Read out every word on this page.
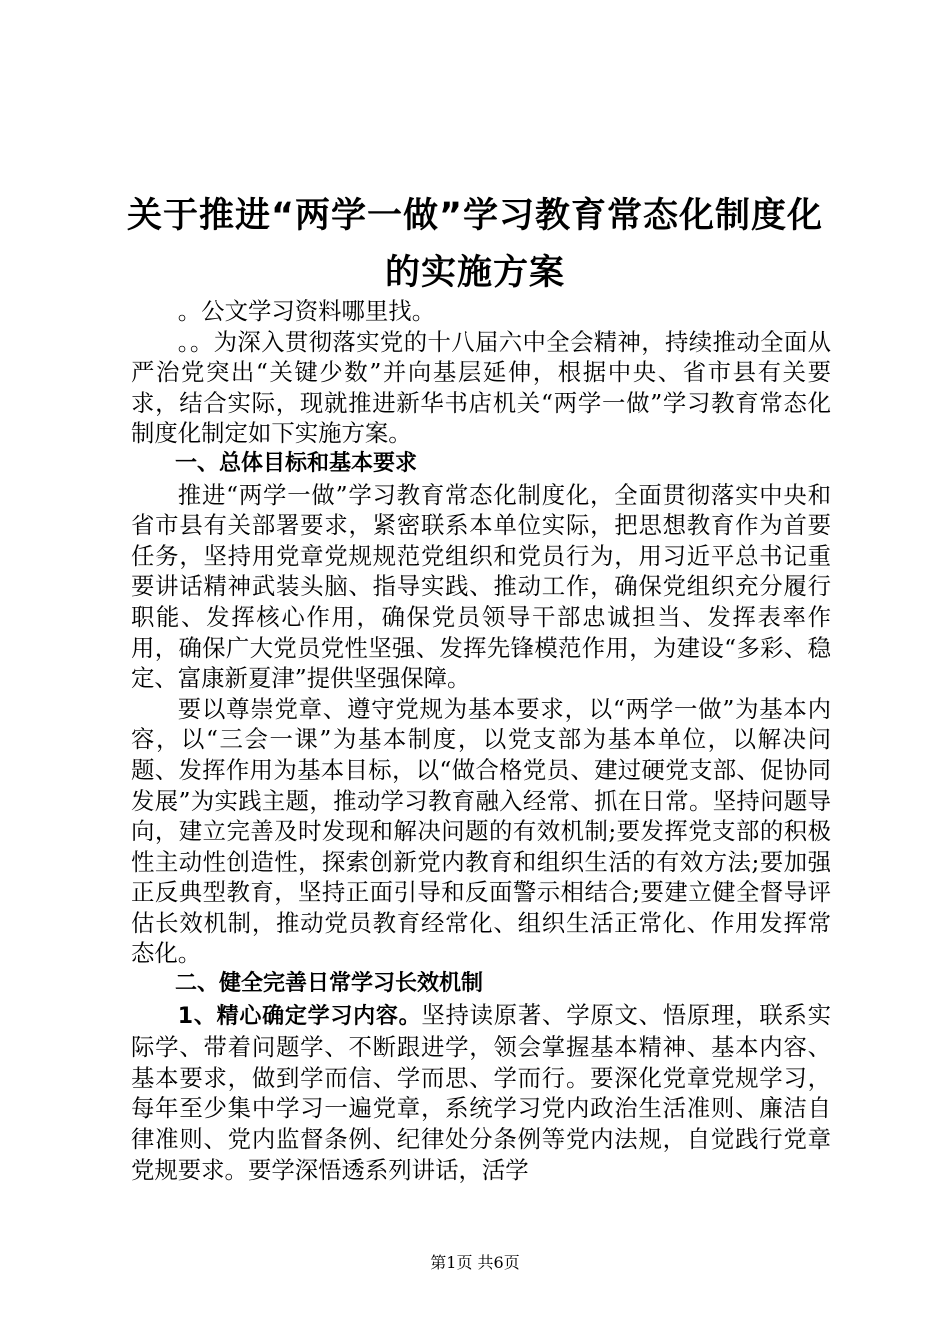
关于推进“两学一做”学习教育常态化制度化
的实施方案

。公文学习资料哪里找。

。。为深入贯彻落实党的十八届六中全会精神，持续推动全面从严治党突出“关键少数”并向基层延伸，根据中央、省市县有关要求，结合实际，现就推进新华书店机关“两学一做”学习教育常态化制度化制定如下实施方案。

一、总体目标和基本要求

推进“两学一做”学习教育常态化制度化，全面贯彻落实中央和省市县有关部署要求，紧密联系本单位实际，把思想教育作为首要任务，坚持用党章党规规范党组织和党员行为，用习近平总书记重要讲话精神武装头脑、指导实践、推动工作，确保党组织充分履行职能、发挥核心作用，确保党员领导干部忠诚担当、发挥表率作用，确保广大党员党性坚强、发挥先锋模范作用，为建设“多彩、稳定、富康新夏津”提供坚强保障。

要以尊崇党章、遵守党规为基本要求，以“两学一做”为基本内容，以“三会一课”为基本制度，以党支部为基本单位，以解决问题、发挥作用为基本目标，以“做合格党员、建过硬党支部、促协同发展”为实践主题，推动学习教育融入经常、抓在日常。坚持问题导向，建立完善及时发现和解决问题的有效机制;要发挥党支部的积极性主动性创造性，探索创新党内教育和组织生活的有效方法;要加强正反典型教育，坚持正面引导和反面警示相结合;要建立健全督导评估长效机制，推动党员教育经常化、组织生活正常化、作用发挥常态化。

二、健全完善日常学习长效机制

1、精心确定学习内容。坚持读原著、学原文、悟原理，联系实际学、带着问题学、不断跟进学，领会掌握基本精神、基本内容、基本要求，做到学而信、学而思、学而行。要深化党章党规学习，每年至少集中学习一遍党章，系统学习党内政治生活准则、廉洁自律准则、党内监督条例、纪律处分条例等党内法规，自觉践行党章党规要求。要学深悟透系列讲话，活学

第1页 共6页
